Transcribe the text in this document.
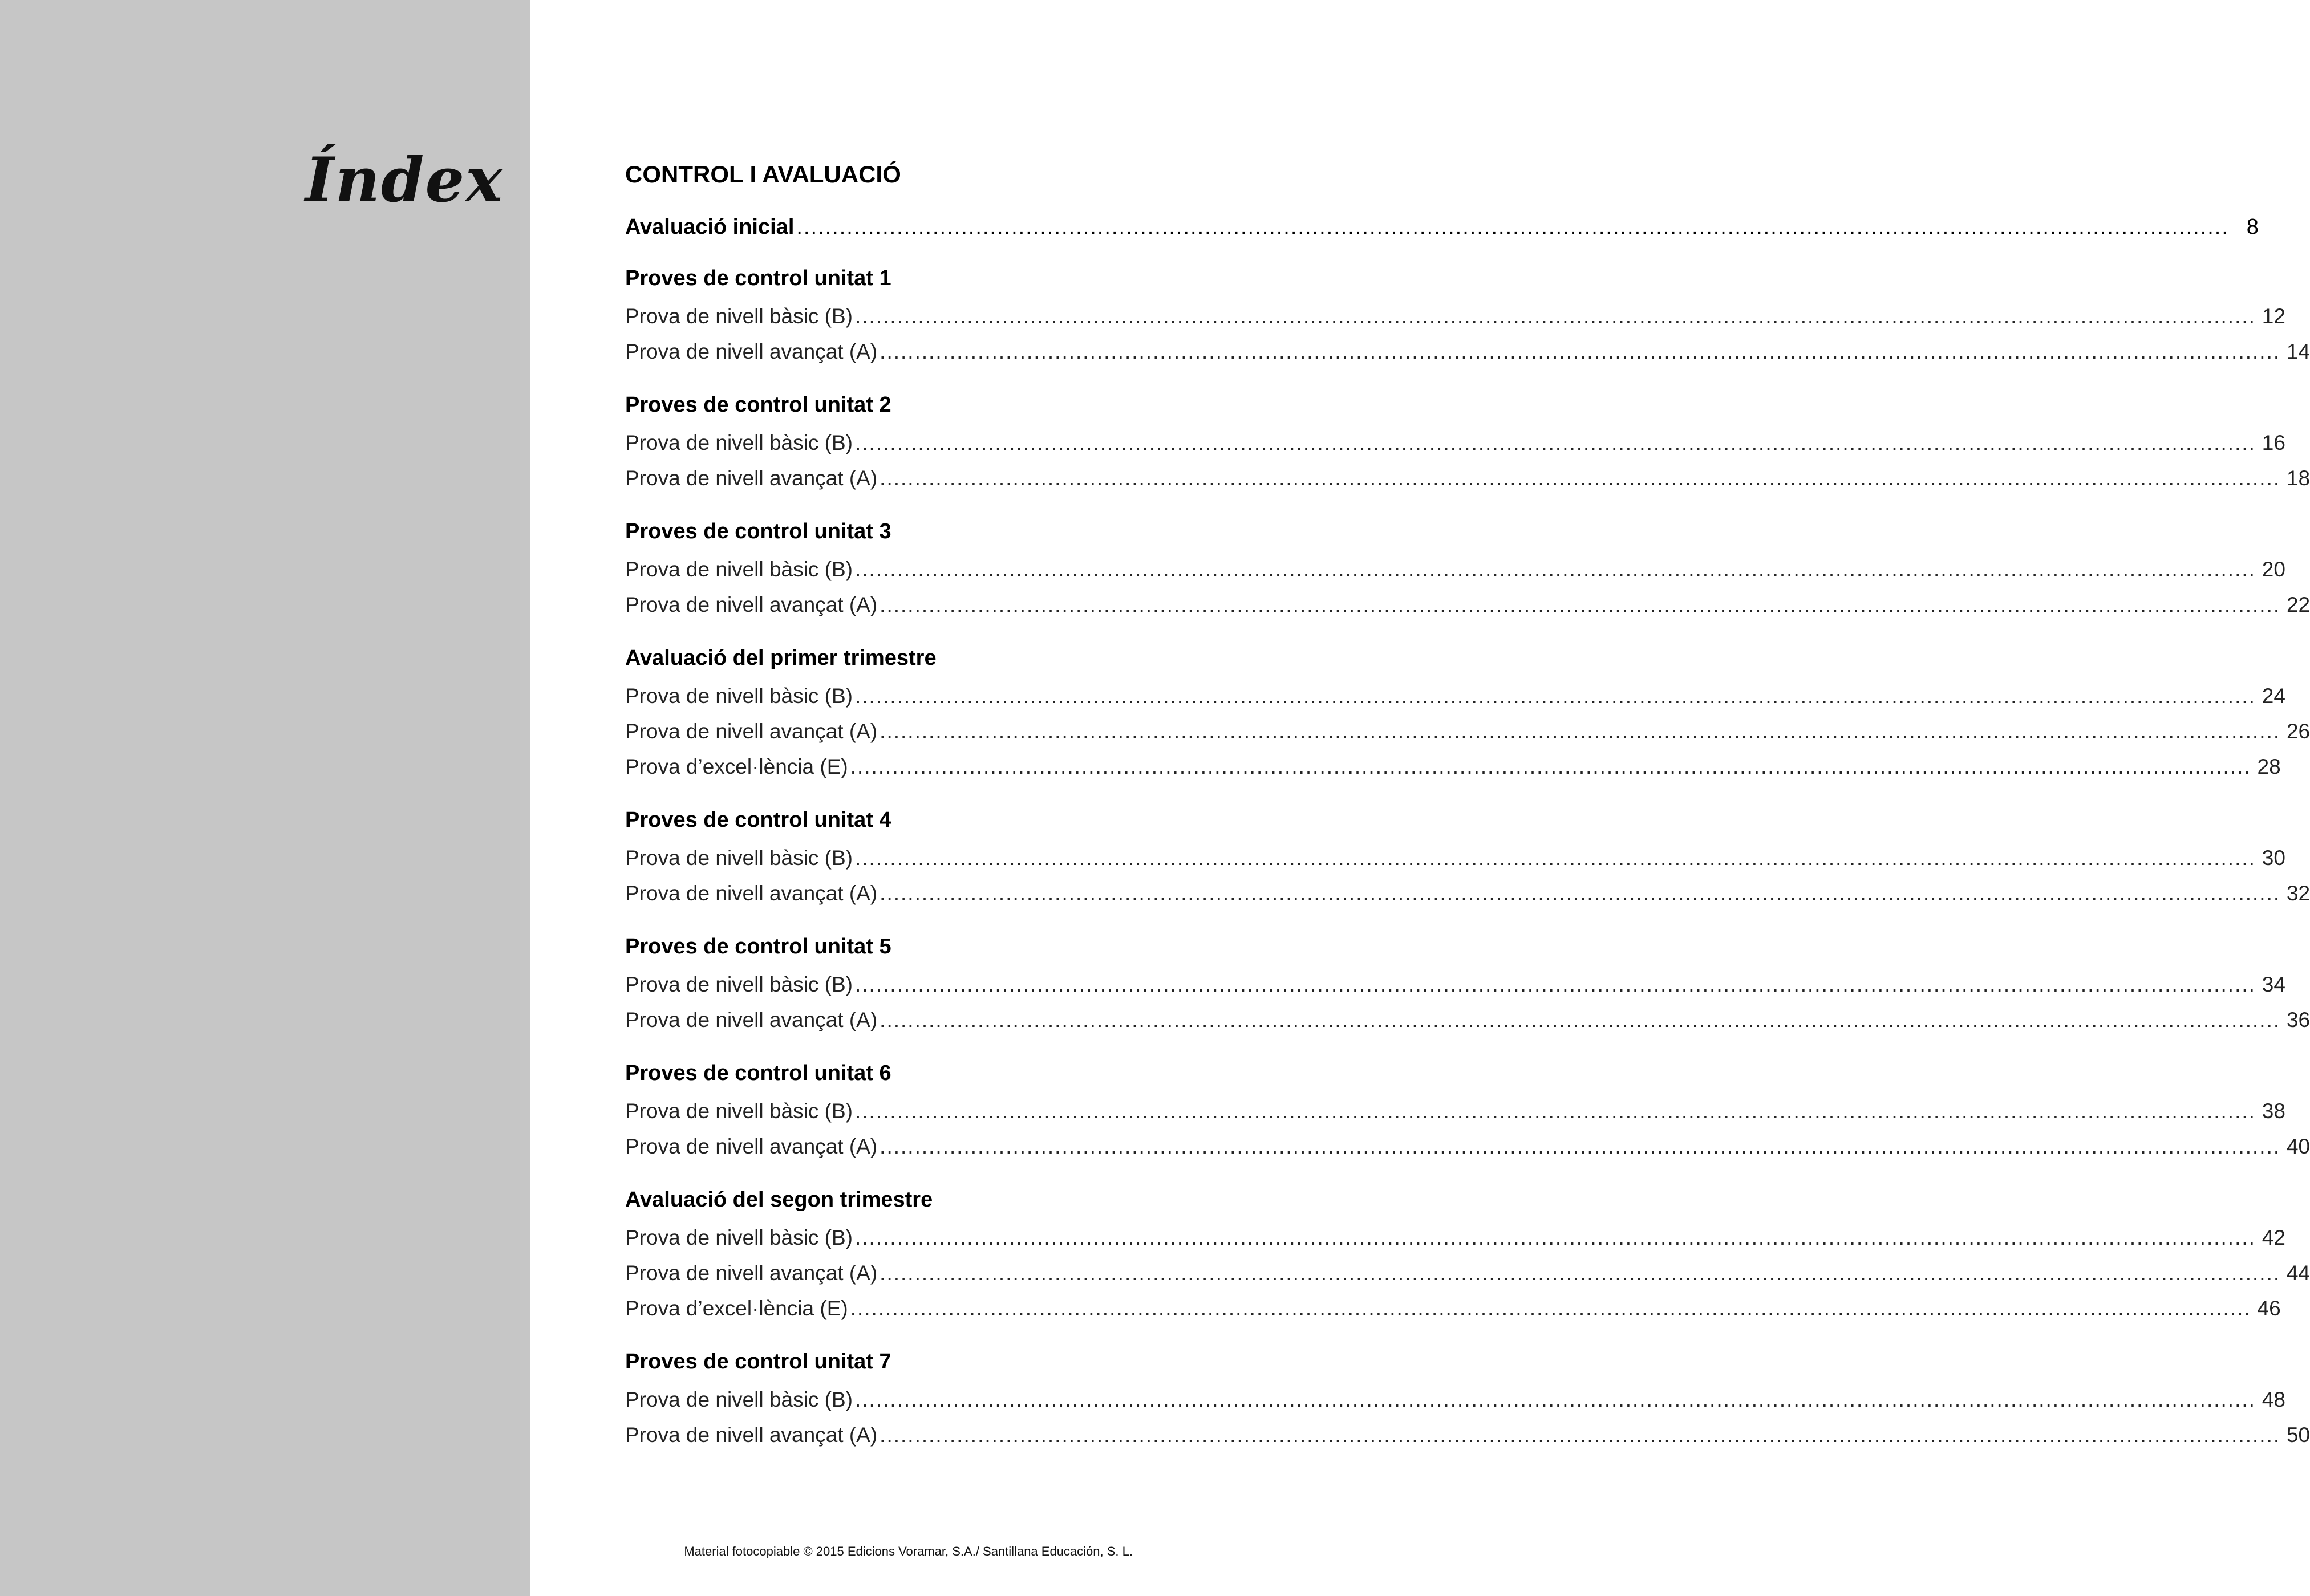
Índex	CONTROL I AVALUACIÓ
Avaluació inicial ........................................................................................................................................................................................................ 8
Proves de control unitat 1
Prova de nivell bàsic (B) ........................................................................................................................................................................................................ 12
Prova de nivell avançat (A) ........................................................................................................................................................................................................ 14
Proves de control unitat 2
Prova de nivell bàsic (B) ........................................................................................................................................................................................................ 16
Prova de nivell avançat (A) ........................................................................................................................................................................................................ 18
Proves de control unitat 3
Prova de nivell bàsic (B) ........................................................................................................................................................................................................ 20
Prova de nivell avançat (A) ........................................................................................................................................................................................................ 22
Avaluació del primer trimestre
Prova de nivell bàsic (B) ........................................................................................................................................................................................................ 24
Prova de nivell avançat (A) ........................................................................................................................................................................................................ 26
Prova d’excel·lència (E) ........................................................................................................................................................................................................ 28
Proves de control unitat 4
Prova de nivell bàsic (B) ........................................................................................................................................................................................................ 30
Prova de nivell avançat (A) ........................................................................................................................................................................................................ 32
Proves de control unitat 5
Prova de nivell bàsic (B) ........................................................................................................................................................................................................ 34
Prova de nivell avançat (A) ........................................................................................................................................................................................................ 36
Proves de control unitat 6
Prova de nivell bàsic (B) ........................................................................................................................................................................................................ 38
Prova de nivell avançat (A) ........................................................................................................................................................................................................ 40
Avaluació del segon trimestre
Prova de nivell bàsic (B) ........................................................................................................................................................................................................ 42
Prova de nivell avançat (A) ........................................................................................................................................................................................................ 44
Prova d’excel·lència (E) ........................................................................................................................................................................................................ 46
Proves de control unitat 7
Prova de nivell bàsic (B) ........................................................................................................................................................................................................ 48
Prova de nivell avançat (A) ........................................................................................................................................................................................................ 50
Material fotocopiable © 2015 Edicions Voramar, S.A./ Santillana Educación, S. L.
